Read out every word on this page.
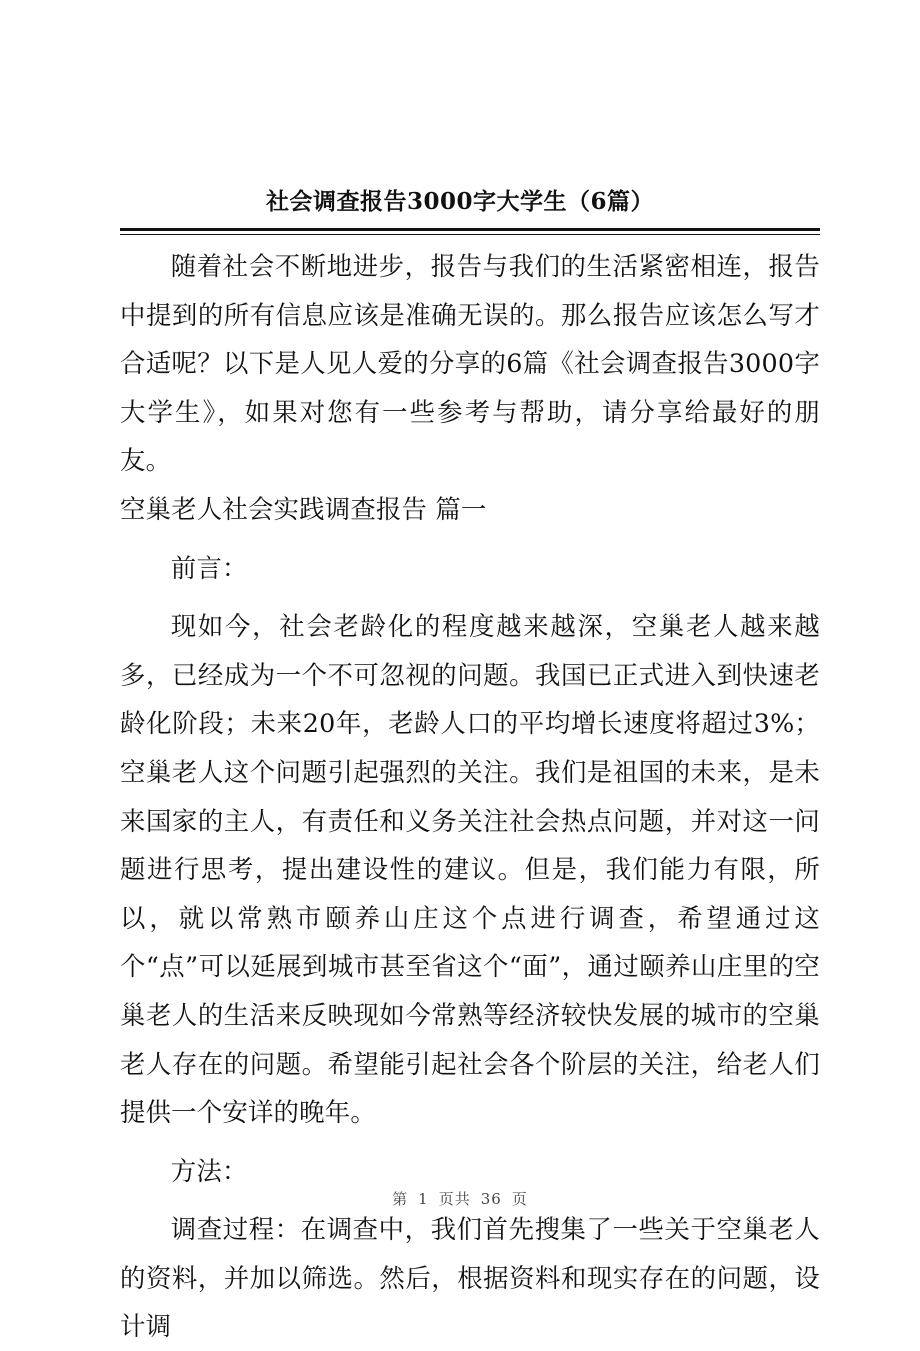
社会调查报告3000字大学生（6篇）

随着社会不断地进步，报告与我们的生活紧密相连，报告中提到的所有信息应该是准确无误的。那么报告应该怎么写才合适呢？以下是人见人爱的分享的6篇《社会调查报告3000字大学生》，如果对您有一些参考与帮助，请分享给最好的朋友。

空巢老人社会实践调查报告 篇一

前言：

现如今，社会老龄化的程度越来越深，空巢老人越来越多，已经成为一个不可忽视的问题。我国已正式进入到快速老龄化阶段；未来20年，老龄人口的平均增长速度将超过3%；空巢老人这个问题引起强烈的关注。我们是祖国的未来，是未来国家的主人，有责任和义务关注社会热点问题，并对这一问题进行思考，提出建设性的建议。但是，我们能力有限，所以，就以常熟市颐养山庄这个点进行调查，希望通过这个“点”可以延展到城市甚至省这个“面”，通过颐养山庄里的空巢老人的生活来反映现如今常熟等经济较快发展的城市的空巢老人存在的问题。希望能引起社会各个阶层的关注，给老人们提供一个安详的晚年。

方法：

调查过程：在调查中，我们首先搜集了一些关于空巢老人的资料，并加以筛选。然后，根据资料和现实存在的问题，设计调

第 1 页共 36 页
